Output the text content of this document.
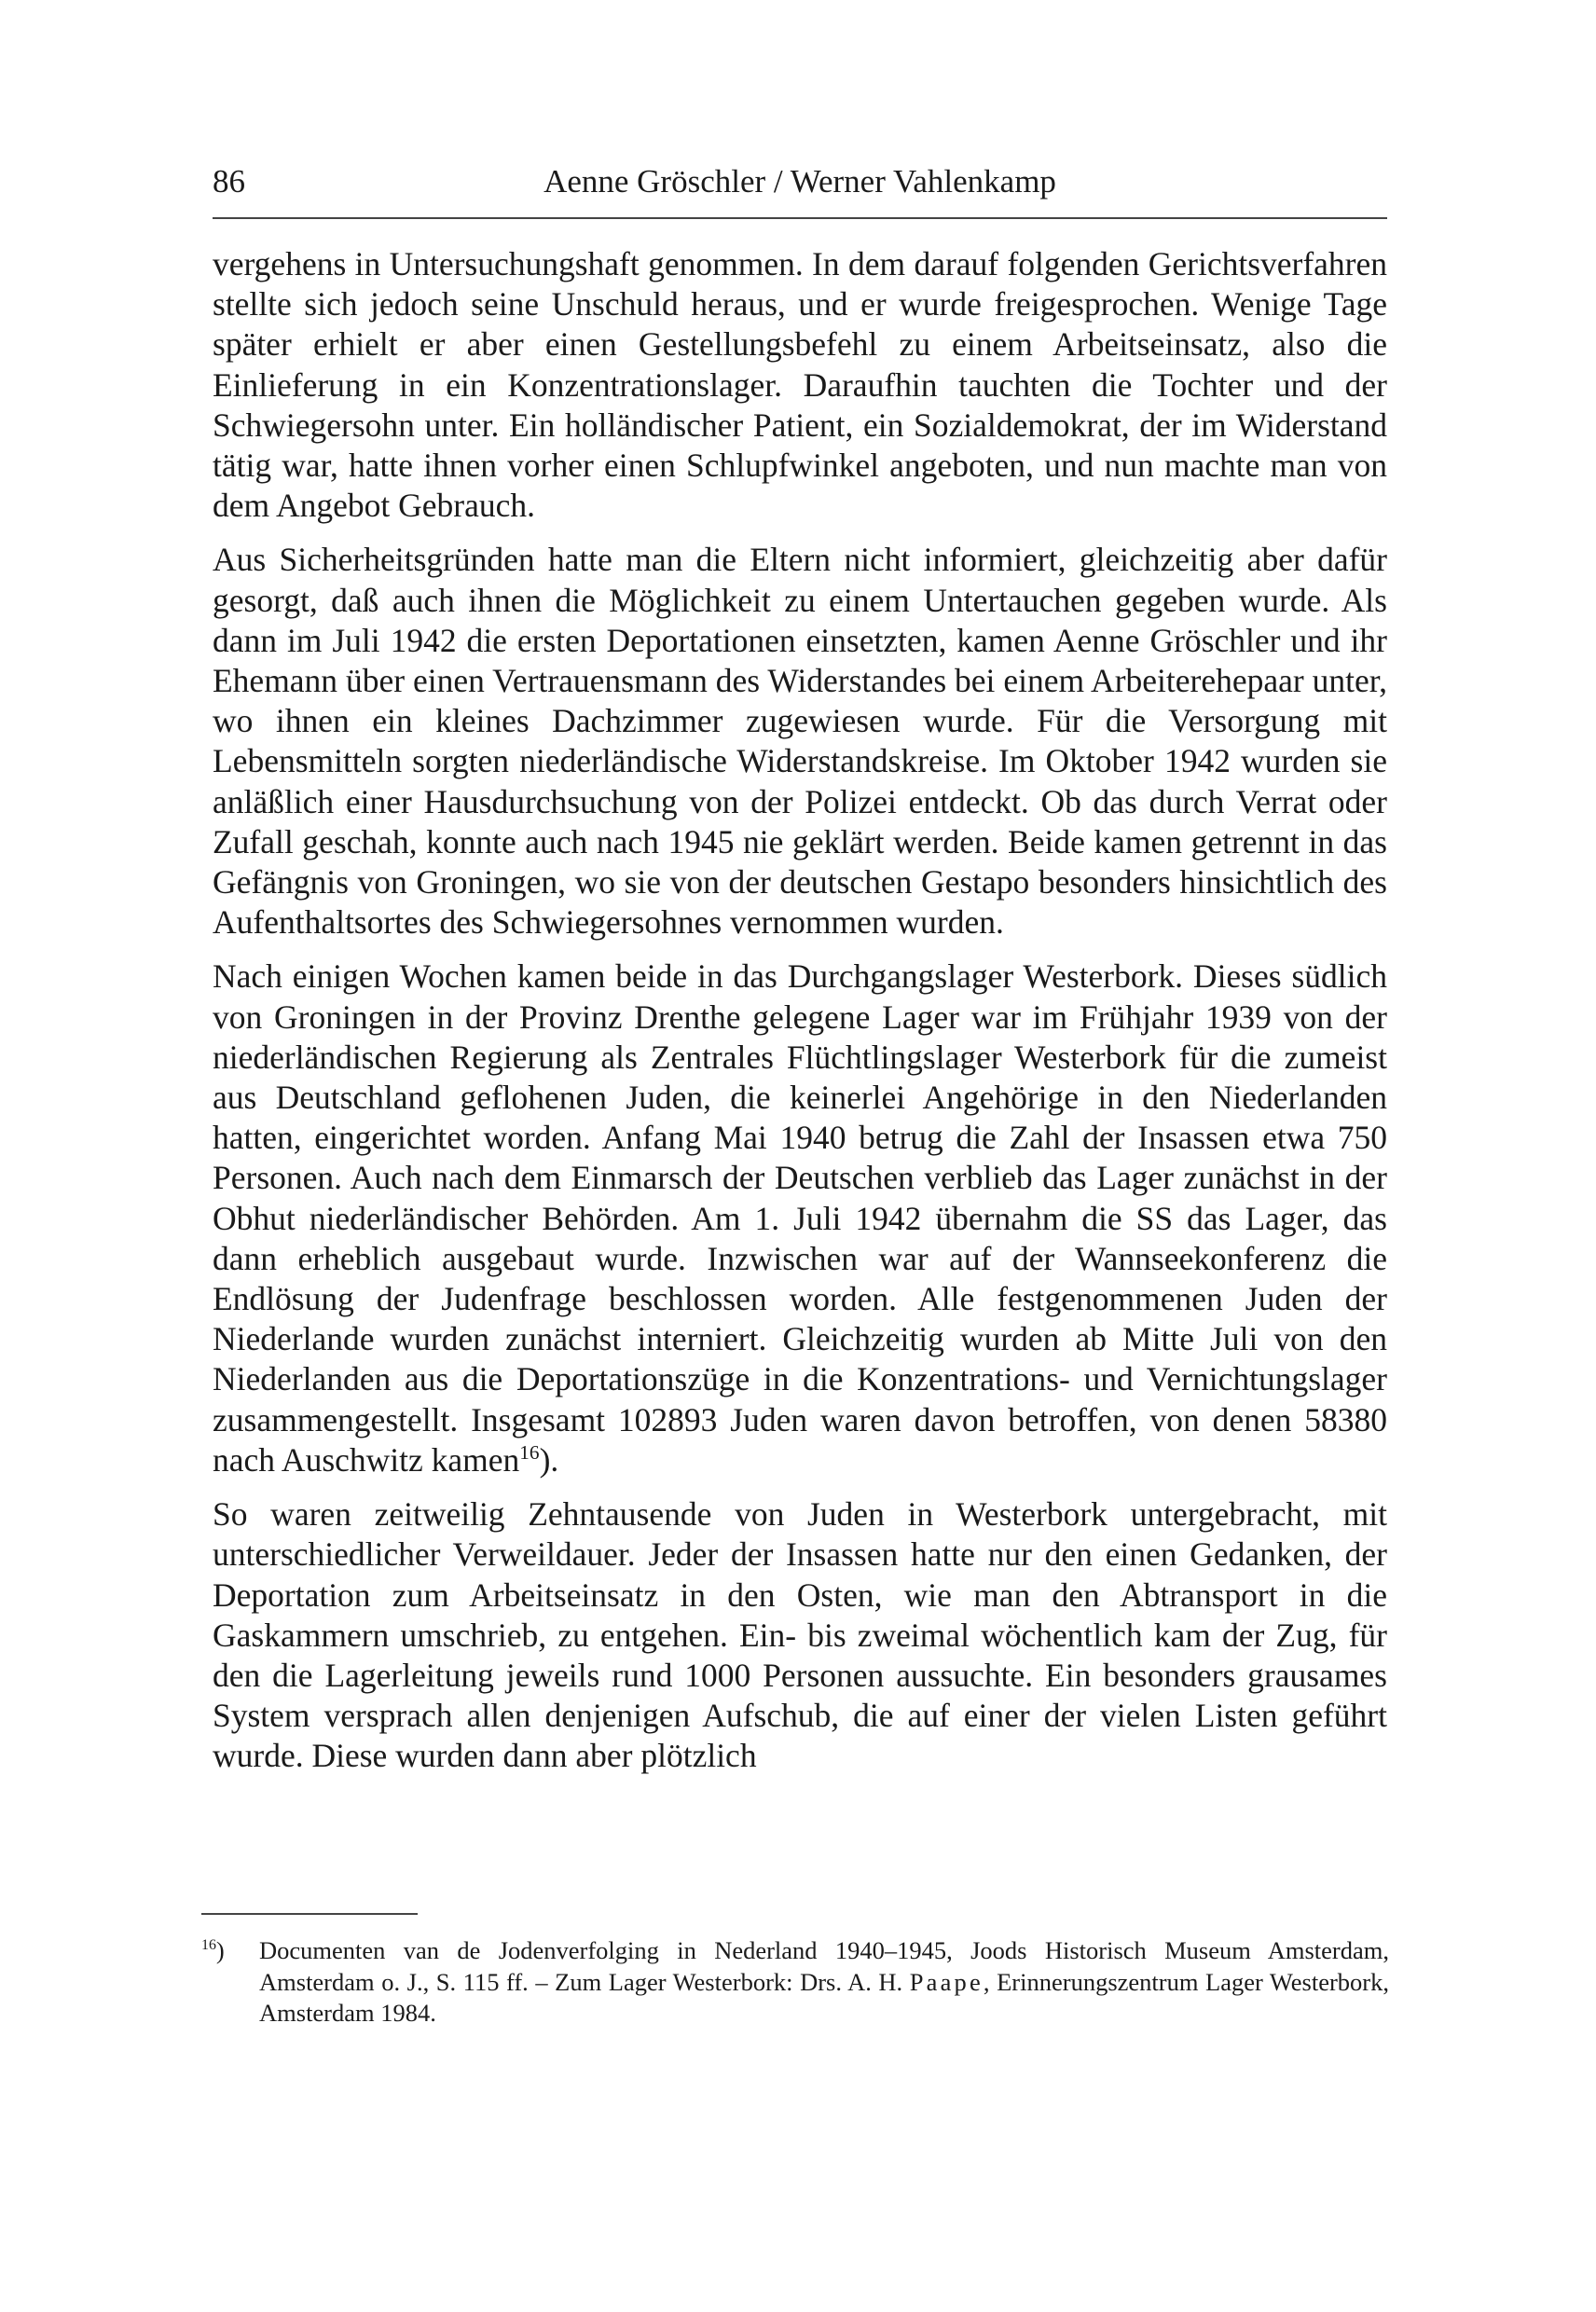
86	Aenne Gröschler / Werner Vahlenkamp

vergehens in Untersuchungshaft genommen. In dem darauf folgenden Gerichtsverfahren stellte sich jedoch seine Unschuld heraus, und er wurde freigesprochen. Wenige Tage später erhielt er aber einen Gestellungsbefehl zu einem Arbeitseinsatz, also die Einlieferung in ein Konzentrationslager. Daraufhin tauchten die Tochter und der Schwiegersohn unter. Ein holländischer Patient, ein Sozialdemokrat, der im Widerstand tätig war, hatte ihnen vorher einen Schlupfwinkel angeboten, und nun machte man von dem Angebot Gebrauch.

Aus Sicherheitsgründen hatte man die Eltern nicht informiert, gleichzeitig aber dafür gesorgt, daß auch ihnen die Möglichkeit zu einem Untertauchen gegeben wurde. Als dann im Juli 1942 die ersten Deportationen einsetzten, kamen Aenne Gröschler und ihr Ehemann über einen Vertrauensmann des Widerstandes bei einem Arbeiterehepaar unter, wo ihnen ein kleines Dachzimmer zugewiesen wurde. Für die Versorgung mit Lebensmitteln sorgten niederländische Widerstandskreise. Im Oktober 1942 wurden sie anläßlich einer Hausdurchsuchung von der Polizei entdeckt. Ob das durch Verrat oder Zufall geschah, konnte auch nach 1945 nie geklärt werden. Beide kamen getrennt in das Gefängnis von Groningen, wo sie von der deutschen Gestapo besonders hinsichtlich des Aufenthaltsortes des Schwiegersohnes vernommen wurden.

Nach einigen Wochen kamen beide in das Durchgangslager Westerbork. Dieses südlich von Groningen in der Provinz Drenthe gelegene Lager war im Frühjahr 1939 von der niederländischen Regierung als Zentrales Flüchtlingslager Westerbork für die zumeist aus Deutschland geflohenen Juden, die keinerlei Angehörige in den Niederlanden hatten, eingerichtet worden. Anfang Mai 1940 betrug die Zahl der Insassen etwa 750 Personen. Auch nach dem Einmarsch der Deutschen verblieb das Lager zunächst in der Obhut niederländischer Behörden. Am 1. Juli 1942 übernahm die SS das Lager, das dann erheblich ausgebaut wurde. Inzwischen war auf der Wannseekonferenz die Endlösung der Judenfrage beschlossen worden. Alle festgenommenen Juden der Niederlande wurden zunächst interniert. Gleichzeitig wurden ab Mitte Juli von den Niederlanden aus die Deportationszüge in die Konzentrations- und Vernichtungslager zusammengestellt. Insgesamt 102893 Juden waren davon betroffen, von denen 58380 nach Auschwitz kamen$^{16}$).

So waren zeitweilig Zehntausende von Juden in Westerbork untergebracht, mit unterschiedlicher Verweildauer. Jeder der Insassen hatte nur den einen Gedanken, der Deportation zum Arbeitseinsatz in den Osten, wie man den Abtransport in die Gaskammern umschrieb, zu entgehen. Ein- bis zweimal wöchentlich kam der Zug, für den die Lagerleitung jeweils rund 1000 Personen aussuchte. Ein besonders grausames System versprach allen denjenigen Aufschub, die auf einer der vielen Listen geführt wurde. Diese wurden dann aber plötzlich

$^{16}$) Documenten van de Jodenverfolging in Nederland 1940–1945, Joods Historisch Museum Amsterdam, Amsterdam o. J., S. 115 ff. – Zum Lager Westerbork: Drs. A. H. Paape, Erinnerungszentrum Lager Westerbork, Amsterdam 1984.
